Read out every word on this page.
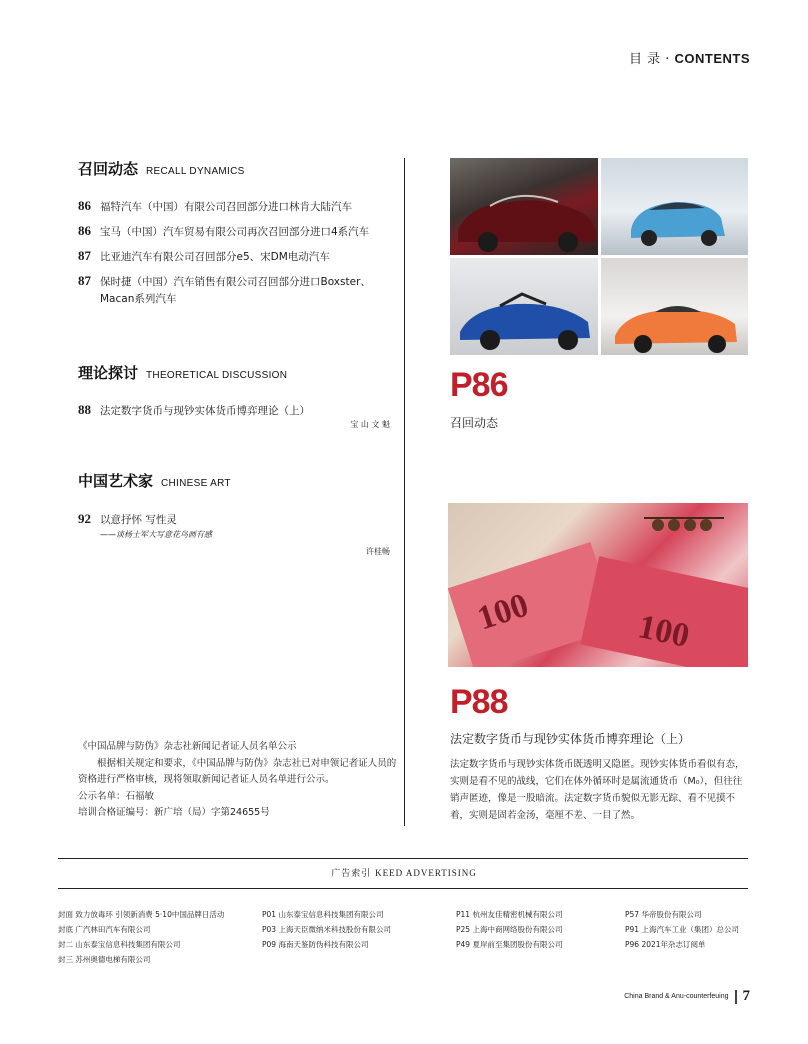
目 录 · CONTENTS
召回动态 RECALL DYNAMICS
86 福特汽车（中国）有限公司召回部分进口林肯大陆汽车
86 宝马（中国）汽车贸易有限公司再次召回部分进口4系汽车
87 比亚迪汽车有限公司召回部分e5、宋DM电动汽车
87 保时捷（中国）汽车销售有限公司召回部分进口Boxster、
Macan系列汽车
理论探讨 THEORETICAL DISCUSSION
88 法定数字货币与现钞实体货币博弈理论（上）
宝 山 文 魁
中国艺术家 CHINESE ART
92 以意抒怀 写性灵
——谈杨士军大写意花鸟画有感
许桂畅
《中国品牌与防伪》杂志社新闻记者证人员名单公示
根据相关规定和要求，《中国品牌与防伪》杂志社已对申领记者证人员的资格进行严格审核，现将领取新闻记者证人员名单进行公示。
公示名单：石福敏
培训合格证编号：新广培（局）字第24655号
P86
召回动态
100	100
P88
法定数字货币与现钞实体货币博弈理论（上）
法定数字货币与现钞实体货币既透明又隐匿。现钞实体货币看似有态，实则是看不见的战线，它们在体外循环时是属流通货币（M₀），但往往销声匿迹，像是一股暗流。法定数字货币貌似无影无踪、看不见摸不着，实则是固若金汤，毫厘不差、一目了然。
广告索引 KEED ADVERTISING
封面 致力放毒环 引领新消费 5·10中国品牌日活动
封底 广汽林田汽车有限公司
封二 山东泰宝信息科技集团有限公司
封三 苏州奥德电梯有限公司
P01 山东泰宝信息科技集团有限公司
P03 上海天臣微纳米科技股份有限公司
P09 海南天鉴防伪科技有限公司
P11 杭州友佳精密机械有限公司
P25 上海中商网络股份有限公司
P49 夏岸前至集团股份有限公司
P57 华帝股份有限公司
P91 上海汽车工业（集团）总公司
P96 2021年杂志订阅单
China Brand & Anu-counterfeuing 7
